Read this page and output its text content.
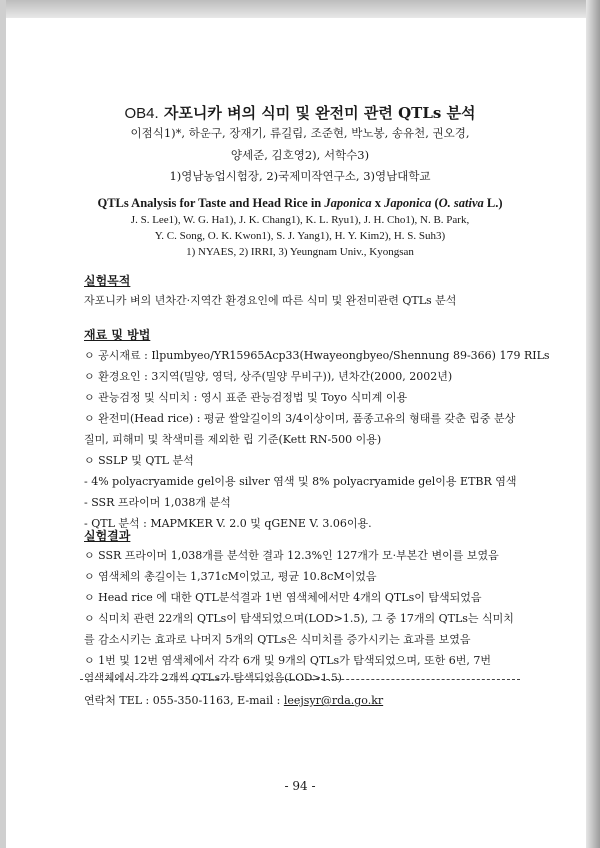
OB4. 자포니카 벼의 식미 및 완전미 관련 QTLs 분석
이점식1)*, 하운구, 장재기, 류길림, 조준현, 박노봉, 송유천, 권오경,
양세준, 김호영2), 서학수3)
1)영남농업시험장, 2)국제미작연구소, 3)영남대학교
QTLs Analysis for Taste and Head Rice in Japonica x Japonica (O. sativa L.)
J. S. Lee1), W. G. Ha1), J. K. Chang1), K. L. Ryu1), J. H. Cho1), N. B. Park,
Y. C. Song, O. K. Kwon1), S. J. Yang1), H. Y. Kim2), H. S. Suh3)
1) NYAES, 2) IRRI, 3) Yeungnam Univ., Kyongsan
실험목적
자포니카 벼의 년차간·지역간 환경요인에 따른 식미 및 완전미관련 QTLs 분석
재료 및 방법
ㅇ 공시재료 : Ilpumbyeo/YR15965Acp33(Hwayeongbyeo/Shennung 89-366) 179 RILs
ㅇ 환경요인 : 3지역(밀양, 영덕, 상주(밀양 무비구)), 년차간(2000, 2002년)
ㅇ 관능검정 및 식미치 : 영시 표준 관능검정법 및 Toyo 식미계 이용
ㅇ 완전미(Head rice) : 평균 쌀알길이의 3/4이상이며, 품종고유의 형태를 갖춘 립중 분상
질미, 피해미 및 착색미를 제외한 립 기준(Kett RN-500 이용)
ㅇ SSLP 및 QTL 분석
- 4% polyacryamide gel이용 silver 염색 및 8% polyacryamide gel이용 ETBR 염색
- SSR 프라이머 1,038개 분석
- QTL 분석 : MAPMKER V. 2.0 및 qGENE V. 3.06이용.
실험결과
ㅇ SSR 프라이머 1,038개를 분석한 결과 12.3%인 127개가 모·부본간 변이를 보였음
ㅇ 염색체의 총길이는 1,371cM이었고, 평균 10.8cM이었음
ㅇ Head rice 에 대한 QTL분석결과 1번 염색체에서만 4개의 QTLs이 탐색되었음
ㅇ 식미치 관련 22개의 QTLs이 탐색되었으며(LOD>1.5), 그 중 17개의 QTLs는 식미치
를 감소시키는 효과로 나머지 5개의 QTLs은 식미치를 증가시키는 효과를 보였음
ㅇ 1번 및 12번 염색체에서 각각 6개 및 9개의 QTLs가 탐색되었으며, 또한 6번, 7번
염색체에서 각각 2개씩 QTLs가 탐색되었음(LOD>1.5)
연락처 TEL : 055-350-1163, E-mail : leejsyr@rda.go.kr
- 94 -
